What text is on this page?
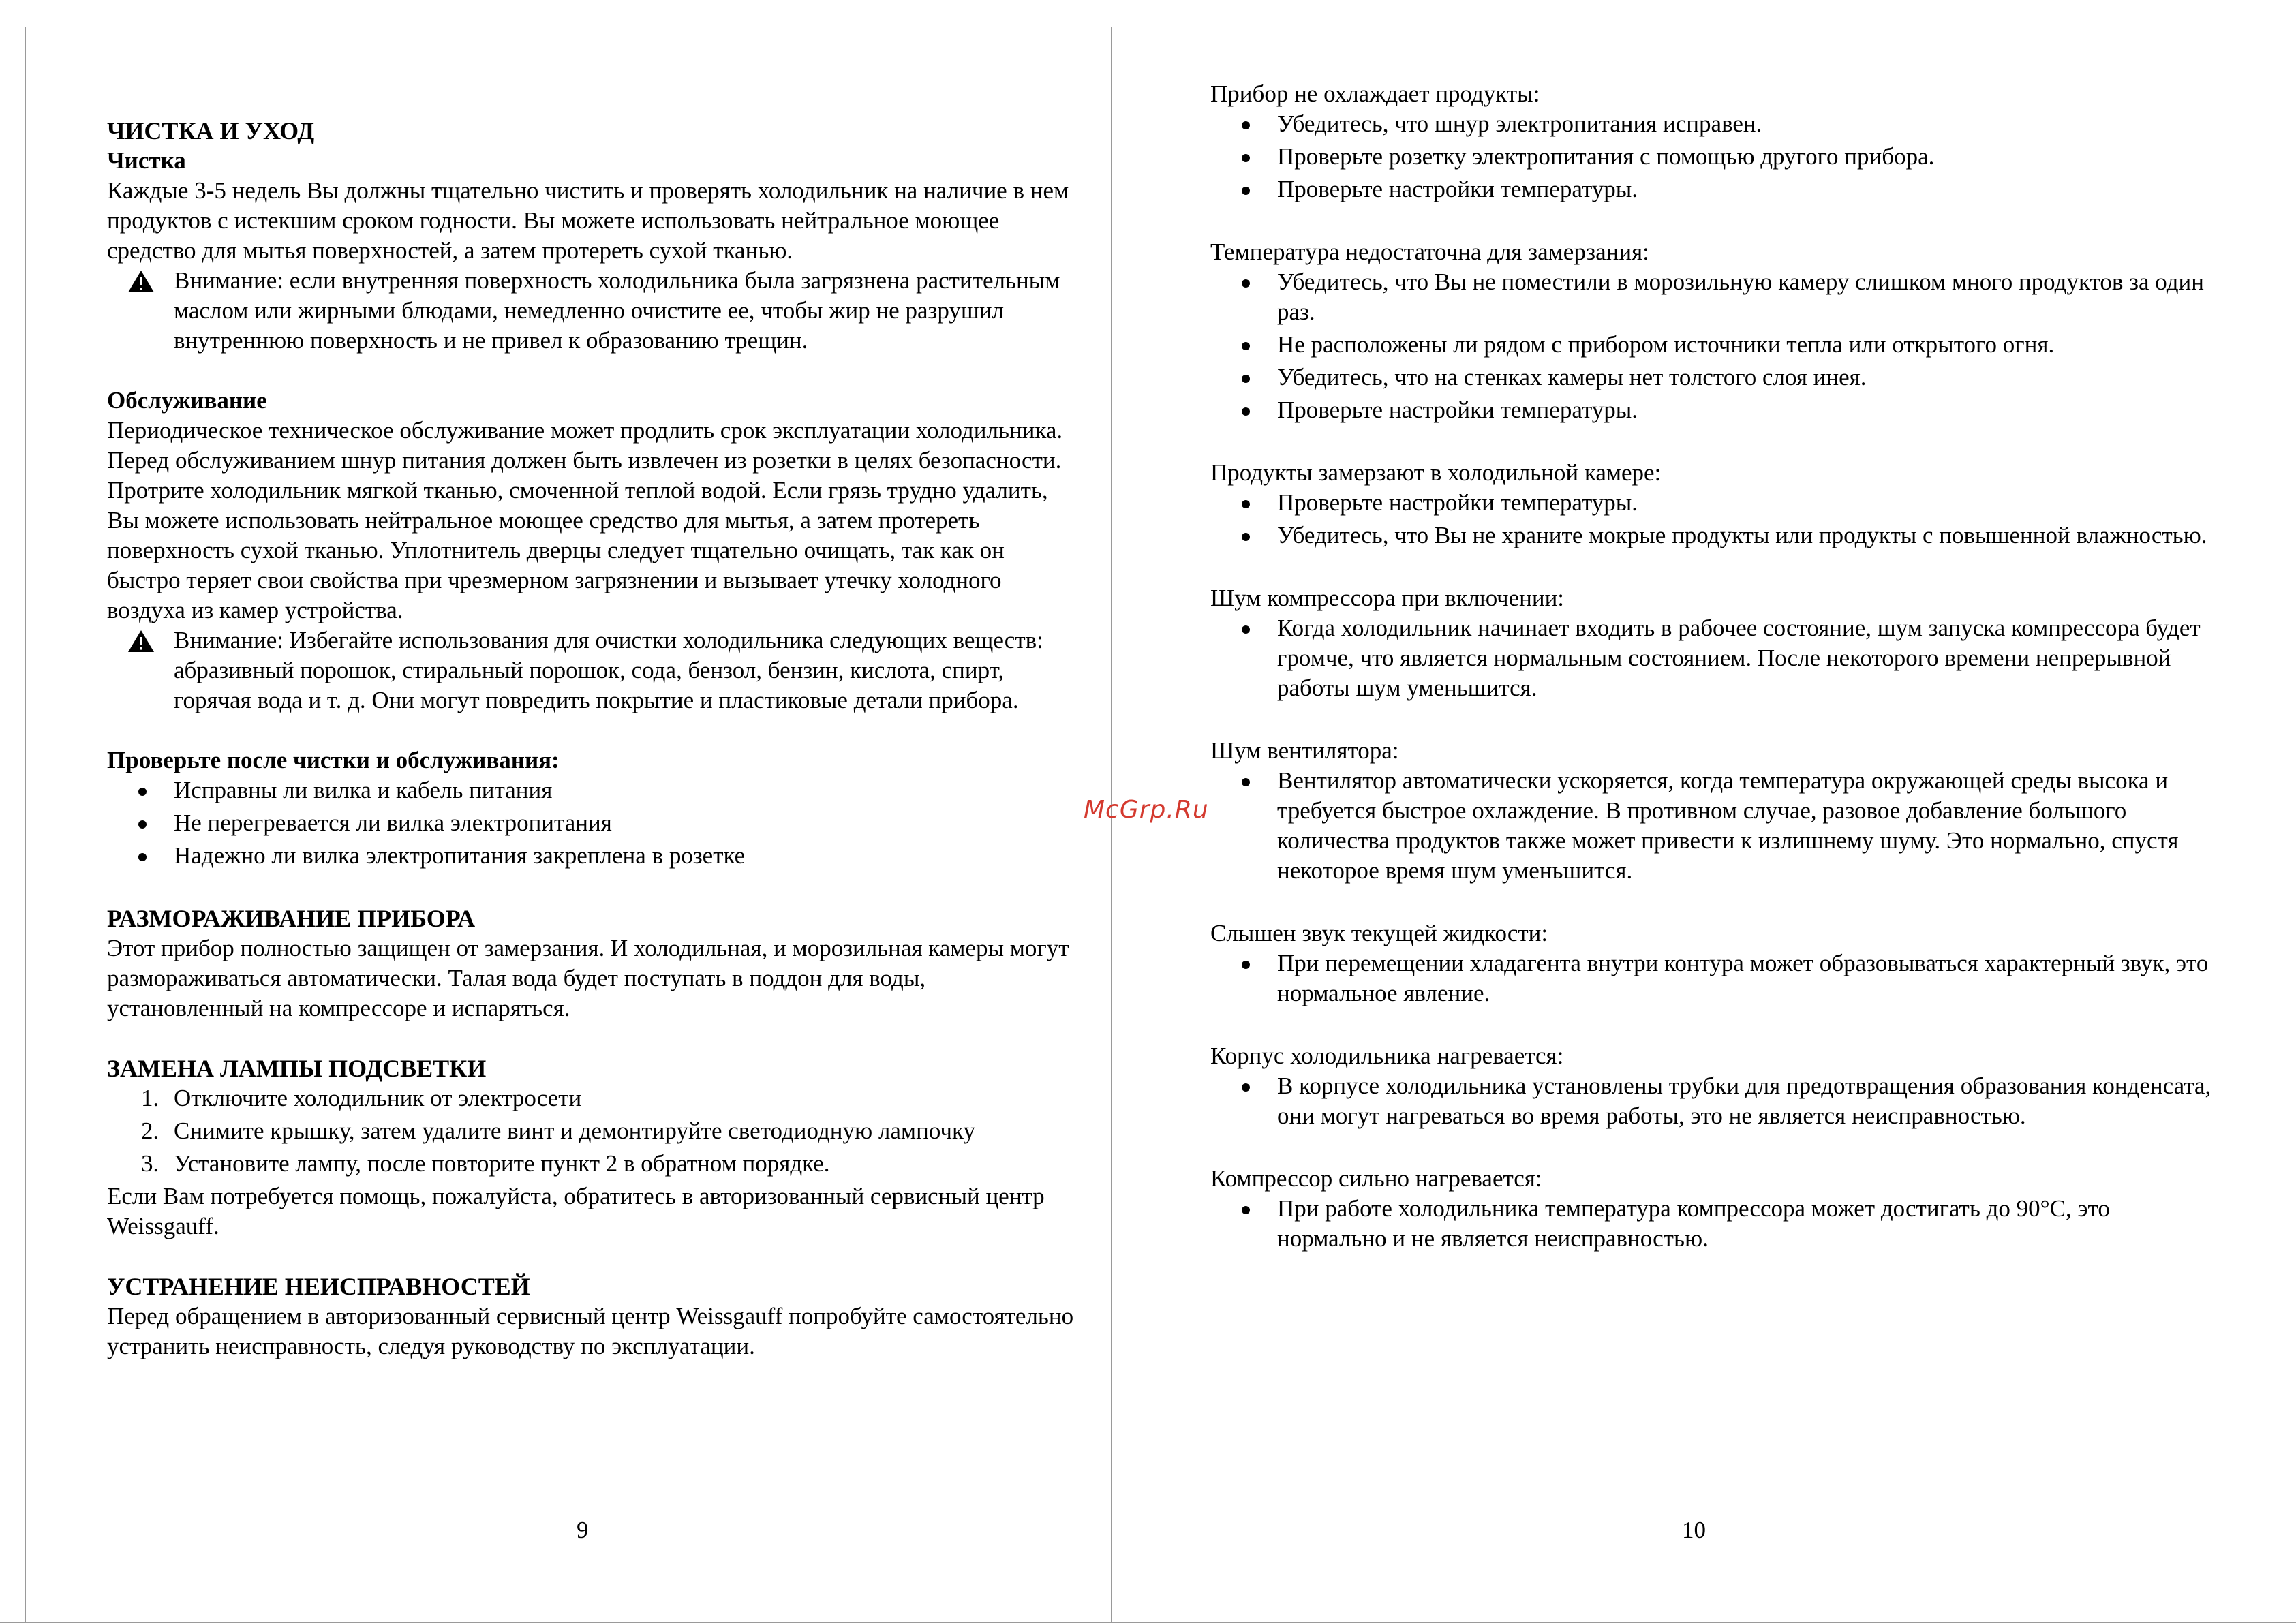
ЧИСТКА И УХОД

Чистка

Каждые 3-5 недель Вы должны тщательно чистить и проверять холодильник на наличие в нем продуктов с истекшим сроком годности. Вы можете использовать нейтральное моющее средство для мытья поверхностей, а затем протереть сухой тканью.

Внимание: если внутренняя поверхность холодильника была загрязнена растительным маслом или жирными блюдами, немедленно очистите ее, чтобы жир не разрушил внутреннюю поверхность и не привел к образованию трещин.

Обслуживание

Периодическое техническое обслуживание может продлить срок эксплуатации холодильника. Перед обслуживанием шнур питания должен быть извлечен из розетки в целях безопасности. Протрите холодильник мягкой тканью, смоченной теплой водой. Если грязь трудно удалить, Вы можете использовать нейтральное моющее средство для мытья, а затем протереть поверхность сухой тканью. Уплотнитель дверцы следует тщательно очищать, так как он быстро теряет свои свойства при чрезмерном загрязнении и вызывает утечку холодного воздуха из камер устройства.

Внимание: Избегайте использования для очистки холодильника следующих веществ: абразивный порошок, стиральный порошок, сода, бензол, бензин, кислота, спирт, горячая вода и т. д. Они могут повредить покрытие и пластиковые детали прибора.

Проверьте после чистки и обслуживания:

Исправны ли вилка и кабель питания
Не перегревается ли вилка электропитания
Надежно ли вилка электропитания закреплена в розетке

РАЗМОРАЖИВАНИЕ ПРИБОРА

Этот прибор полностью защищен от замерзания. И холодильная, и морозильная камеры могут размораживаться автоматически. Талая вода будет поступать в поддон для воды, установленный на компрессоре и испаряться.

ЗАМЕНА ЛАМПЫ ПОДСВЕТКИ

1. Отключите холодильник от электросети
2. Снимите крышку, затем удалите винт и демонтируйте светодиодную лампочку
3. Установите лампу, после повторите пункт 2 в обратном порядке.

Если Вам потребуется помощь, пожалуйста, обратитесь в авторизованный сервисный центр Weissgauff.

УСТРАНЕНИЕ НЕИСПРАВНОСТЕЙ

Перед обращением в авторизованный сервисный центр Weissgauff попробуйте самостоятельно устранить неисправность, следуя руководству по эксплуатации.

9

Прибор не охлаждает продукты:

Убедитесь, что шнур электропитания исправен.
Проверьте розетку электропитания с помощью другого прибора.
Проверьте настройки температуры.

Температура недостаточна для замерзания:

Убедитесь, что Вы не поместили в морозильную камеру слишком много продуктов за один раз.
Не расположены ли рядом с прибором источники тепла или открытого огня.
Убедитесь, что на стенках камеры нет толстого слоя инея.
Проверьте настройки температуры.

Продукты замерзают в холодильной камере:

Проверьте настройки температуры.
Убедитесь, что Вы не храните мокрые продукты или продукты с повышенной влажностью.

Шум компрессора при включении:

Когда холодильник начинает входить в рабочее состояние, шум запуска компрессора будет громче, что является нормальным состоянием. После некоторого времени непрерывной работы шум уменьшится.

Шум вентилятора:

Вентилятор автоматически ускоряется, когда температура окружающей среды высока и требуется быстрое охлаждение. В противном случае, разовое добавление большого количества продуктов также может привести к излишнему шуму. Это нормально, спустя некоторое время шум уменьшится.

Слышен звук текущей жидкости:

При перемещении хладагента внутри контура может образовываться характерный звук, это нормальное явление.

Корпус холодильника нагревается:

В корпусе холодильника установлены трубки для предотвращения образования конденсата, они могут нагреваться во время работы, это не является неисправностью.

Компрессор сильно нагревается:

При работе холодильника температура компрессора может достигать до 90°C, это нормально и не является неисправностью.
10
McGrp.Ru
